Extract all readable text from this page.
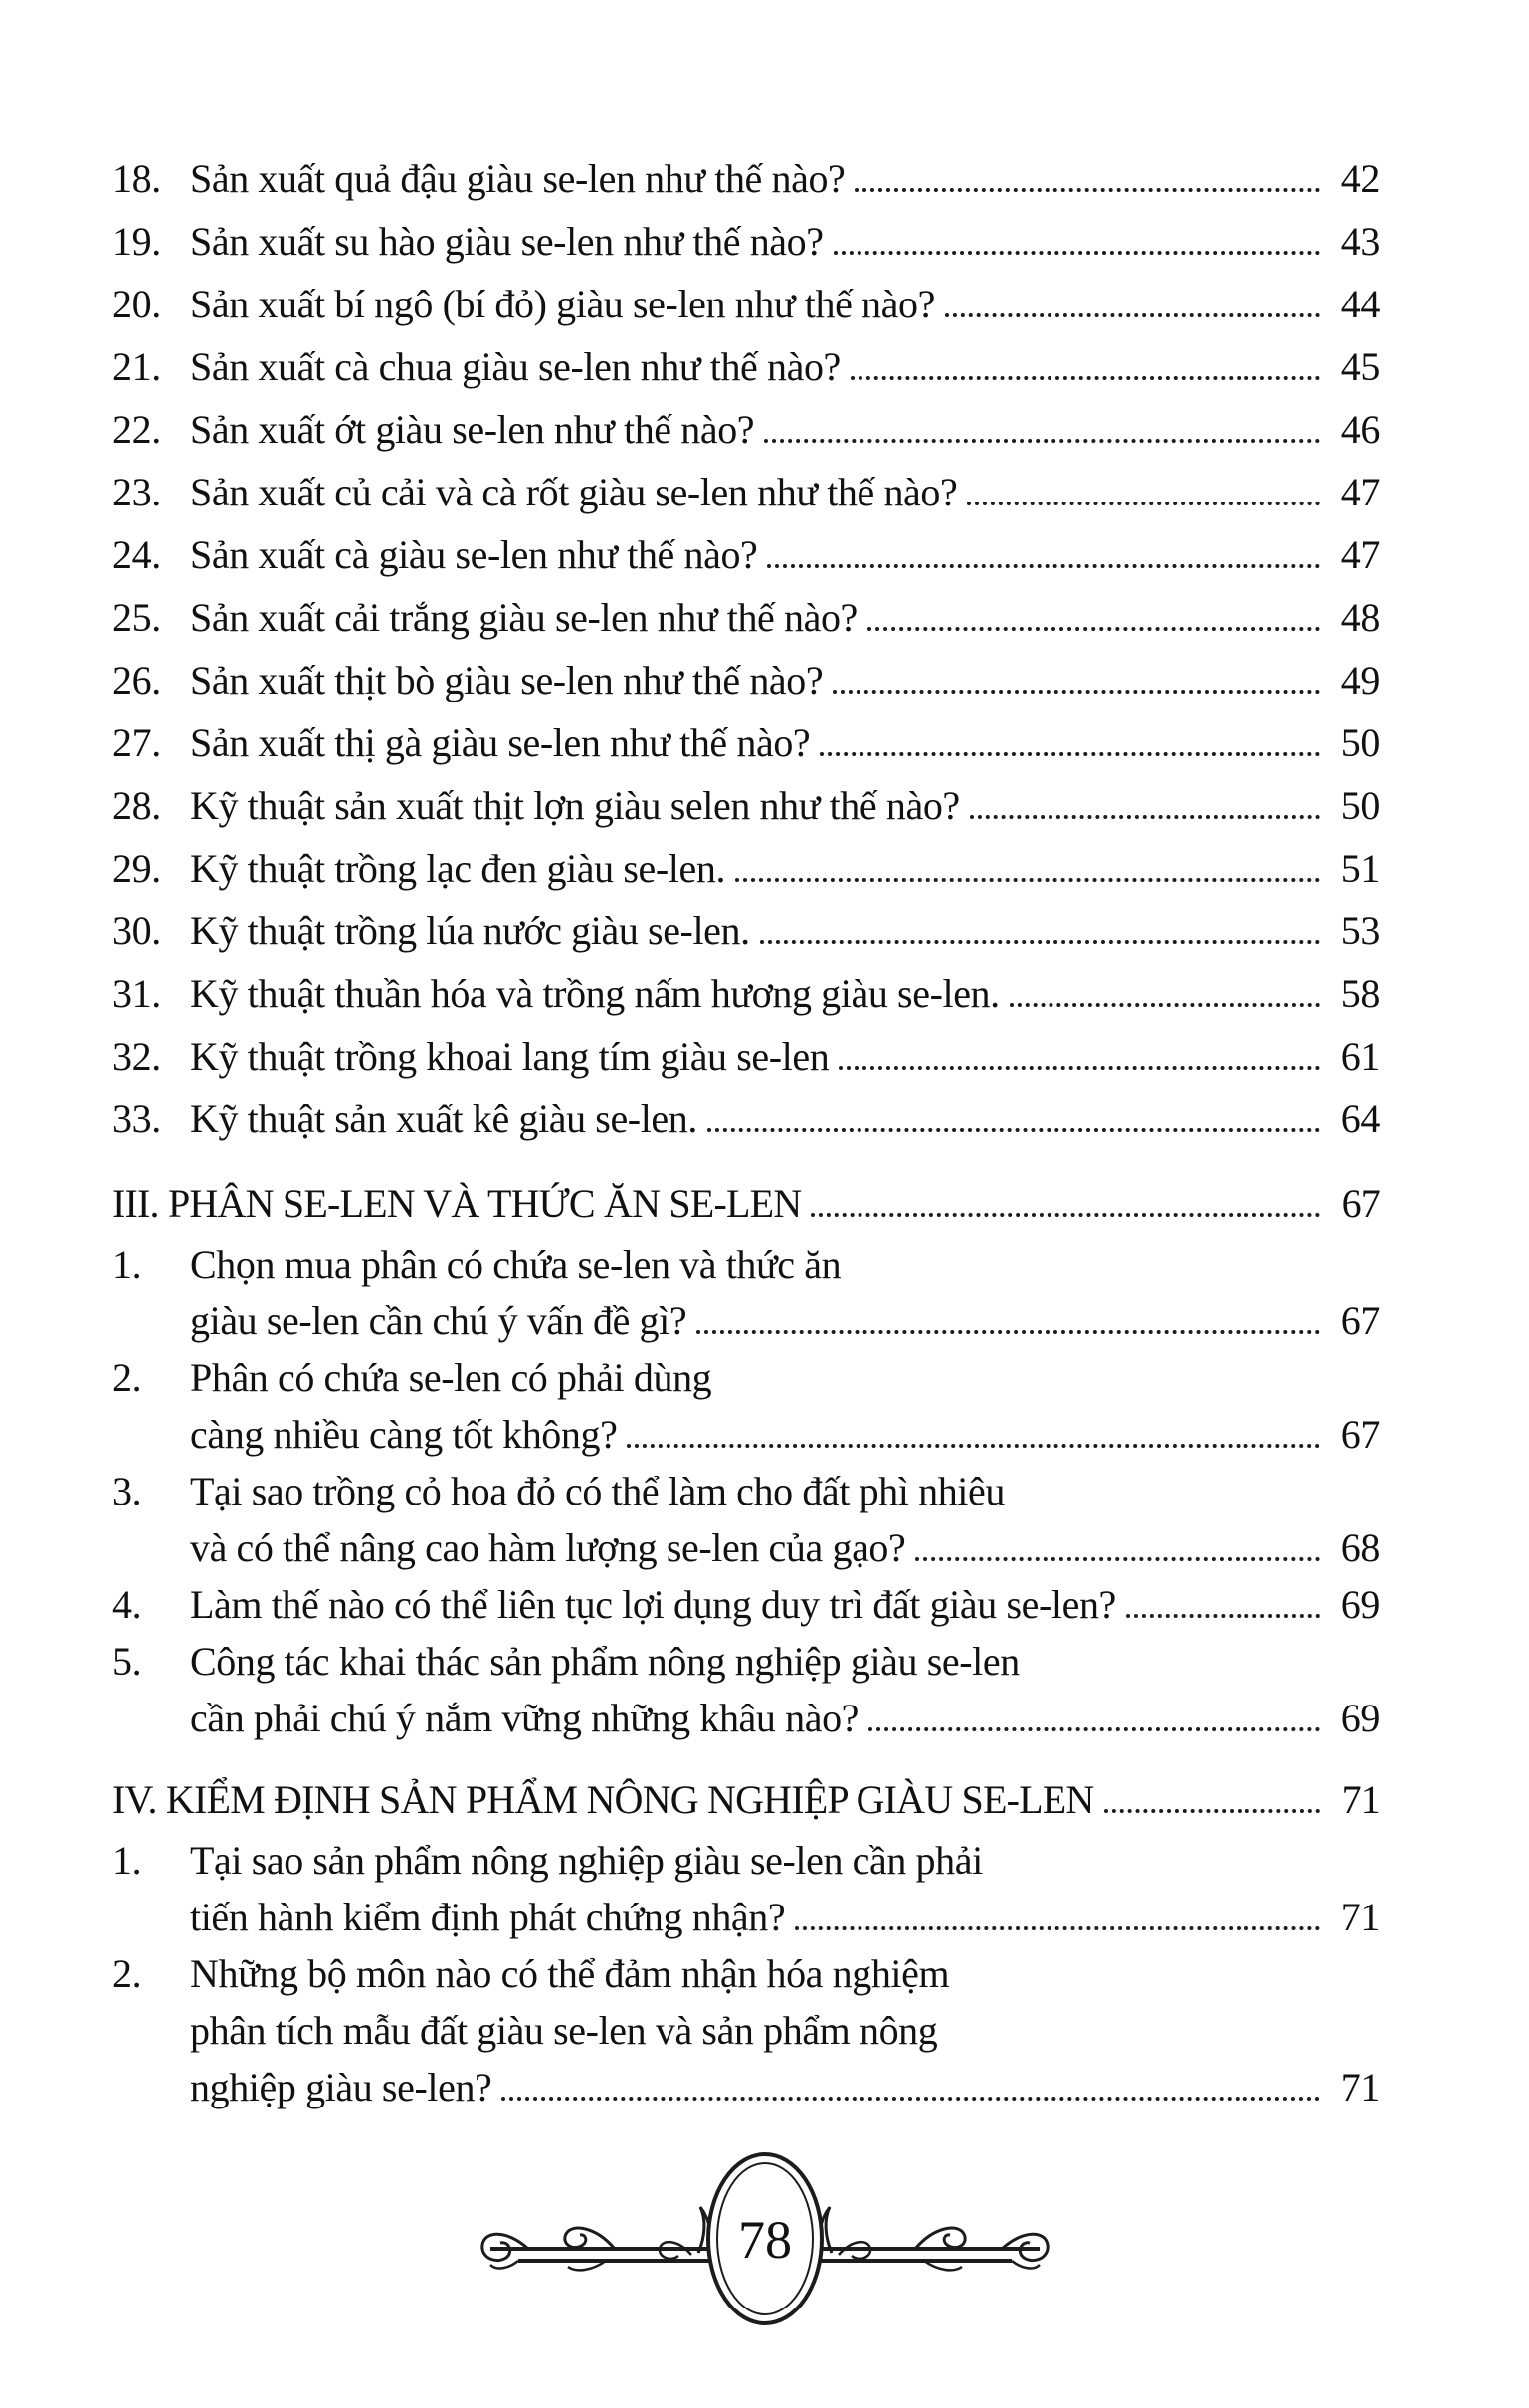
18. Sản xuất quả đậu giàu se-len như thế nào?	42
19. Sản xuất su hào giàu se-len như thế nào?	43
20. Sản xuất bí ngô (bí đỏ) giàu se-len như thế nào?	44
21. Sản xuất cà chua giàu se-len như thế nào?	45
22. Sản xuất ớt giàu se-len như thế nào?	46
23. Sản xuất củ cải và cà rốt giàu se-len như thế nào?	47
24. Sản xuất cà giàu se-len như thế nào?	47
25. Sản xuất cải trắng giàu se-len như thế nào?	48
26. Sản xuất thịt bò giàu se-len như thế nào?	49
27. Sản xuất thị gà giàu se-len như thế nào?	50
28. Kỹ thuật sản xuất thịt lợn giàu selen như thế nào?	50
29. Kỹ thuật trồng lạc đen giàu se-len.	51
30. Kỹ thuật trồng lúa nước giàu se-len.	53
31. Kỹ thuật thuần hóa và trồng nấm hương giàu se-len.	58
32. Kỹ thuật trồng khoai lang tím giàu se-len	61
33. Kỹ thuật sản xuất kê giàu se-len.	64
III. PHÂN SE-LEN VÀ THỨC ĂN SE-LEN	67
1.	Chọn mua phân có chứa se-len và thức ăn
giàu se-len cần chú ý vấn đề gì?	67
2.	Phân có chứa se-len có phải dùng
càng nhiều càng tốt không?	67
3.	Tại sao trồng cỏ hoa đỏ có thể làm cho đất phì nhiêu
và có thể nâng cao hàm lượng se-len của gạo?	68
4.	Làm thế nào có thể liên tục lợi dụng duy trì đất giàu se-len?	69
5.	Công tác khai thác sản phẩm nông nghiệp giàu se-len
cần phải chú ý nắm vững những khâu nào?	69
IV. KIỂM ĐỊNH SẢN PHẨM NÔNG NGHIỆP GIÀU SE-LEN	71
1.	Tại sao sản phẩm nông nghiệp giàu se-len cần phải
tiến hành kiểm định phát chứng nhận?	71
2.	Những bộ môn nào có thể đảm nhận hóa nghiệm
phân tích mẫu đất giàu se-len và sản phẩm nông
nghiệp giàu se-len?	71
78
